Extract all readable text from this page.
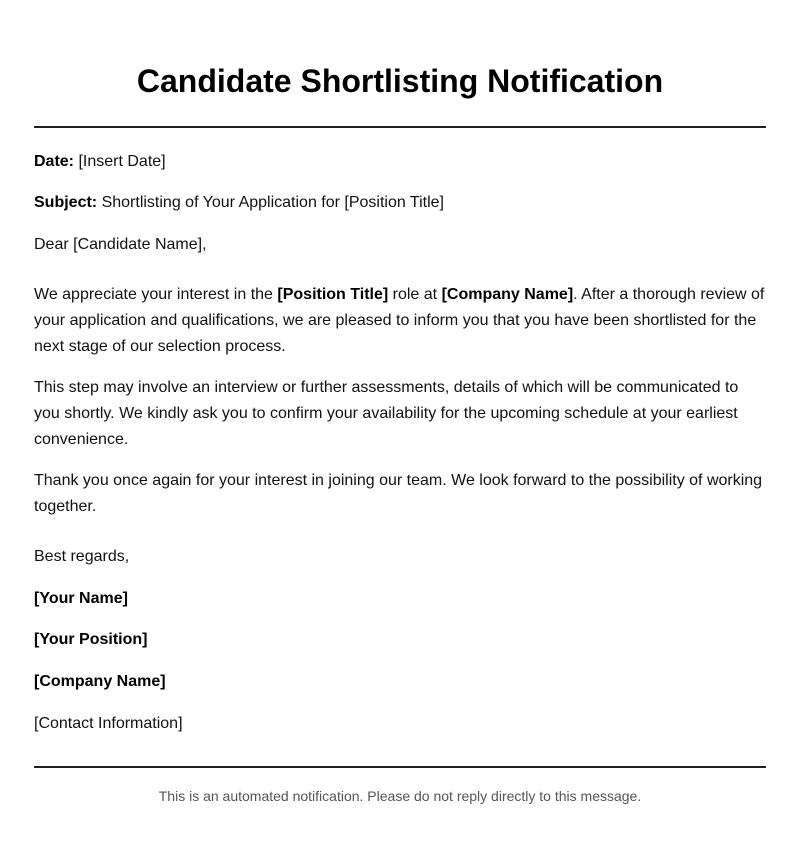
Candidate Shortlisting Notification
Date: [Insert Date]
Subject: Shortlisting of Your Application for [Position Title]
Dear [Candidate Name],
We appreciate your interest in the [Position Title] role at [Company Name]. After a thorough review of your application and qualifications, we are pleased to inform you that you have been shortlisted for the next stage of our selection process.
This step may involve an interview or further assessments, details of which will be communicated to you shortly. We kindly ask you to confirm your availability for the upcoming schedule at your earliest convenience.
Thank you once again for your interest in joining our team. We look forward to the possibility of working together.
Best regards,
[Your Name]
[Your Position]
[Company Name]
[Contact Information]
This is an automated notification. Please do not reply directly to this message.
